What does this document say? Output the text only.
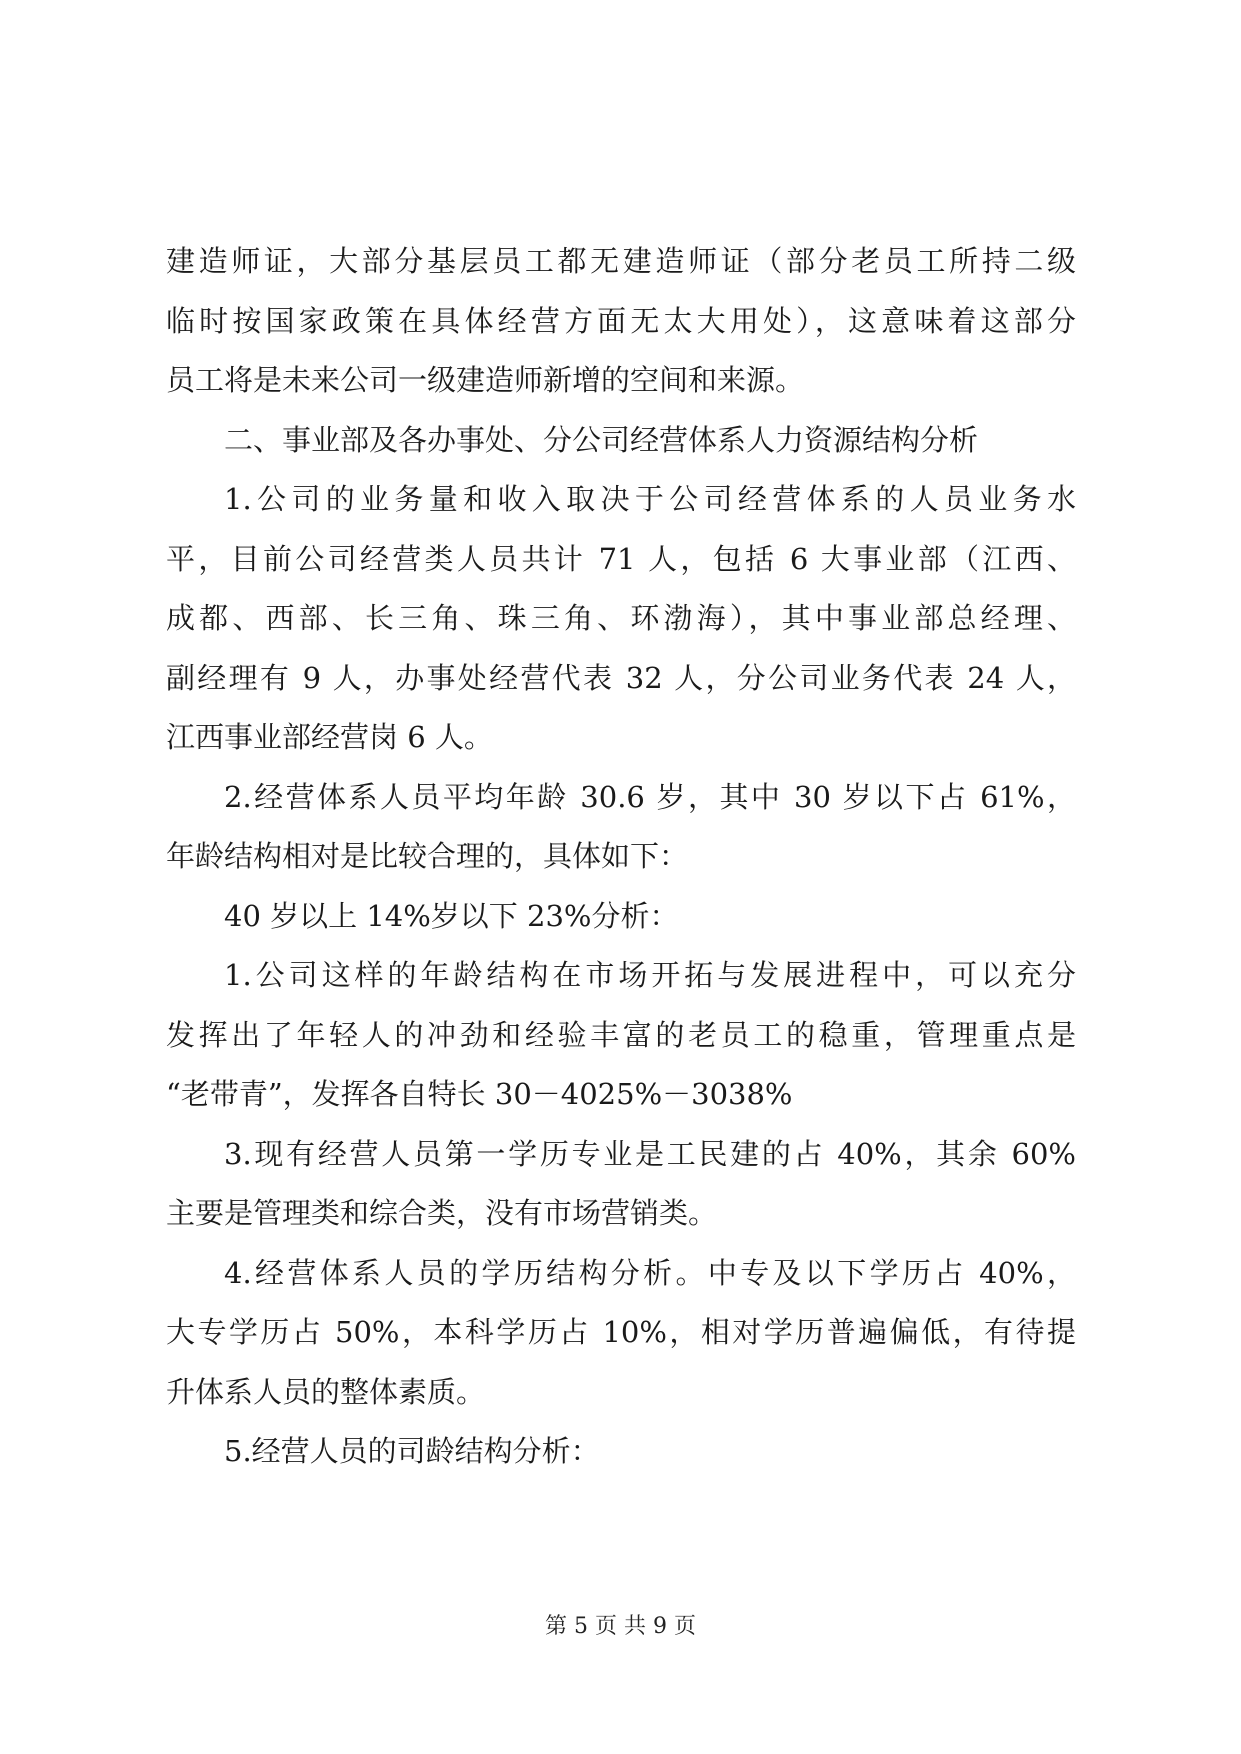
建造师证，大部分基层员工都无建造师证（部分老员工所持二级
临时按国家政策在具体经营方面无太大用处），这意味着这部分
员工将是未来公司一级建造师新增的空间和来源。
二、事业部及各办事处、分公司经营体系人力资源结构分析
1.公司的业务量和收入取决于公司经营体系的人员业务水
平，目前公司经营类人员共计 71 人，包括 6 大事业部（江西、
成都、西部、长三角、珠三角、环渤海），其中事业部总经理、
副经理有 9 人，办事处经营代表 32 人，分公司业务代表 24 人，
江西事业部经营岗 6 人。
2.经营体系人员平均年龄 30.6 岁，其中 30 岁以下占 61%，
年龄结构相对是比较合理的，具体如下：
40 岁以上 14%岁以下 23%分析：
1.公司这样的年龄结构在市场开拓与发展进程中，可以充分
发挥出了年轻人的冲劲和经验丰富的老员工的稳重，管理重点是
“老带青”，发挥各自特长 30－4025%－3038%
3.现有经营人员第一学历专业是工民建的占 40%，其余 60%
主要是管理类和综合类，没有市场营销类。
4.经营体系人员的学历结构分析。中专及以下学历占 40%，
大专学历占 50%，本科学历占 10%，相对学历普遍偏低，有待提
升体系人员的整体素质。
5.经营人员的司龄结构分析：
第 5 页 共 9 页
